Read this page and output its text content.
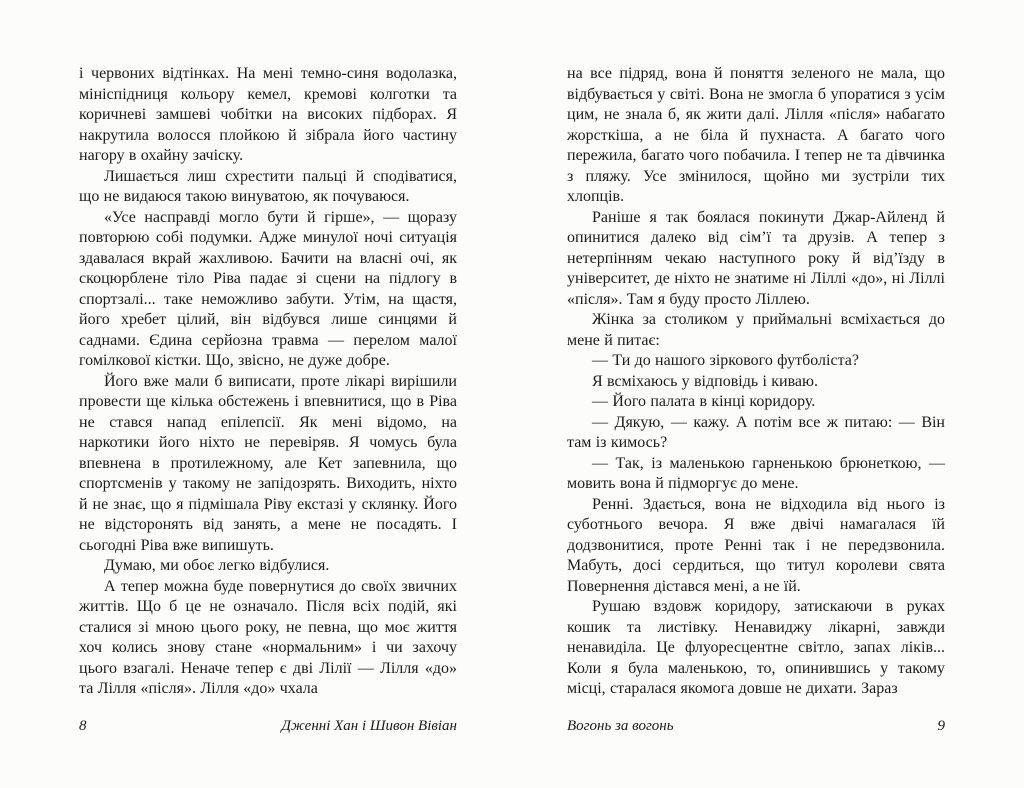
і червоних відтінках. На мені темно-синя водолазка, мініспідниця кольору кемел, кремові колготки та коричневі замшеві чобітки на високих підборах. Я накрутила волосся плойкою й зібрала його частину нагору в охайну зачіску.

Лишається лиш схрестити пальці й сподіватися, що не видаюся такою винуватою, як почуваюся.

«Усе насправді могло бути й гірше», — щоразу повторюю собі подумки. Адже минулої ночі ситуація здавалася вкрай жахливою. Бачити на власні очі, як скоцюрблене тіло Ріва падає зі сцени на підлогу в спортзалі... таке неможливо забути. Утім, на щастя, його хребет цілий, він відбувся лише синцями й саднами. Єдина серйозна травма — перелом малої гомілкової кістки. Що, звісно, не дуже добре.

Його вже мали б виписати, проте лікарі вирішили провести ще кілька обстежень і впевнитися, що в Ріва не стався напад епілепсії. Як мені відомо, на наркотики його ніхто не перевіряв. Я чомусь була впевнена в протилежному, але Кет запевнила, що спортсменів у такому не запідозрять. Виходить, ніхто й не знає, що я підмішала Ріву екстазі у склянку. Його не відсторонять від занять, а мене не посадять. І сьогодні Ріва вже випишуть.

Думаю, ми обоє легко відбулися.

А тепер можна буде повернутися до своїх звичних життів. Що б це не означало. Після всіх подій, які сталися зі мною цього року, не певна, що моє життя хоч колись знову стане «нормальним» і чи захочу цього взагалі. Неначе тепер є дві Лілії — Лілля «до» та Лілля «після». Лілля «до» чхала

8	Дженні Хан і Шивон Вівіан

на все підряд, вона й поняття зеленого не мала, що відбувається у світі. Вона не змогла б упоратися з усім цим, не знала б, як жити далі. Лілля «після» набагато жорсткіша, а не біла й пухнаста. А багато чого пережила, багато чого побачила. І тепер не та дівчинка з пляжу. Усе змінилося, щойно ми зустріли тих хлопців.

Раніше я так боялася покинути Джар-Айленд й опинитися далеко від сім’ї та друзів. А тепер з нетерпінням чекаю наступного року й від’їзду в університет, де ніхто не знатиме ні Ліллі «до», ні Ліллі «після». Там я буду просто Ліллею.

Жінка за столиком у приймальні всміхається до мене й питає:

— Ти до нашого зіркового футболіста?

Я всміхаюсь у відповідь і киваю.

— Його палата в кінці коридору.

— Дякую, — кажу. А потім все ж питаю: — Він там із кимось?

— Так, із маленькою гарненькою брюнеткою, — мовить вона й підморгує до мене.

Ренні. Здається, вона не відходила від нього із суботнього вечора. Я вже двічі намагалася їй додзвонитися, проте Ренні так і не передзвонила. Мабуть, досі сердиться, що титул королеви свята Повернення дістався мені, а не їй.

Рушаю вздовж коридору, затискаючи в руках кошик та листівку. Ненавиджу лікарні, завжди ненавиділа. Це флуоресцентне світло, запах ліків... Коли я була маленькою, то, опинившись у такому місці, старалася якомога довше не дихати. Зараз

Вогонь за вогонь	9
